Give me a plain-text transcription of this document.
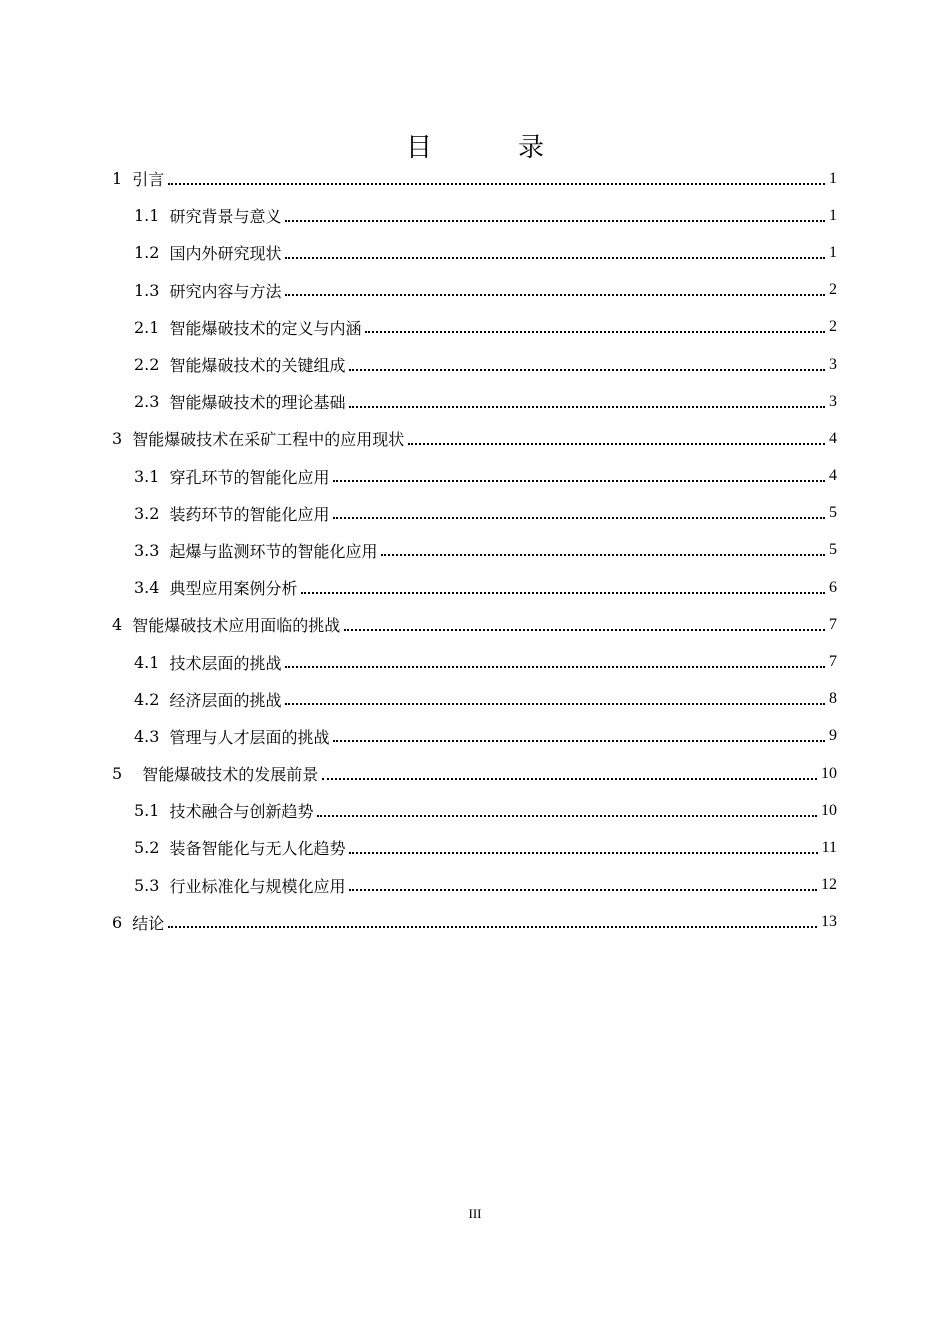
目　录
1 引言	1
1.1 研究背景与意义	1
1.2 国内外研究现状	1
1.3 研究内容与方法	2
2.1 智能爆破技术的定义与内涵	2
2.2 智能爆破技术的关键组成	3
2.3 智能爆破技术的理论基础	3
3 智能爆破技术在采矿工程中的应用现状	4
3.1 穿孔环节的智能化应用	4
3.2 装药环节的智能化应用	5
3.3 起爆与监测环节的智能化应用	5
3.4 典型应用案例分析	6
4 智能爆破技术应用面临的挑战	7
4.1 技术层面的挑战	7
4.2 经济层面的挑战	8
4.3 管理与人才层面的挑战	9
5 智能爆破技术的发展前景	10
5.1 技术融合与创新趋势	10
5.2 装备智能化与无人化趋势	11
5.3 行业标准化与规模化应用	12
6 结论	13
III
